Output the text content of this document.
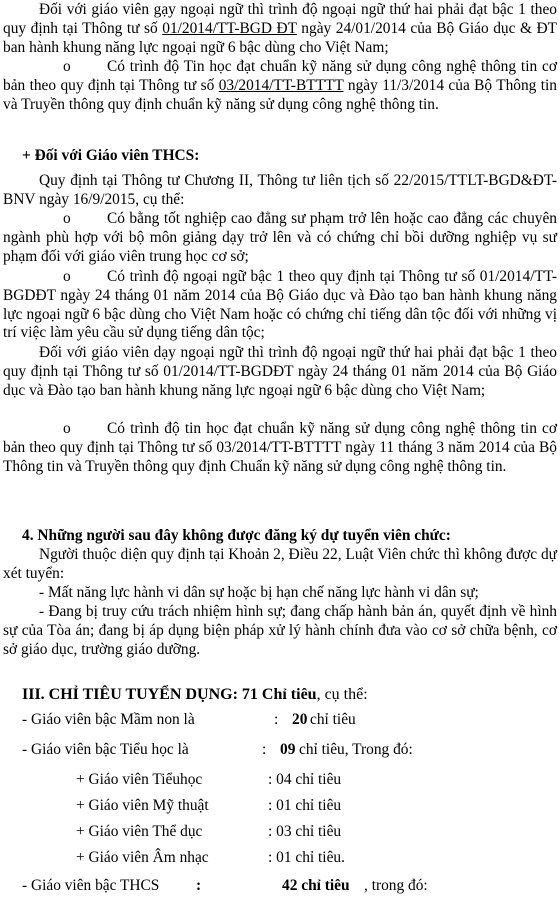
Đối với giáo viên gạy ngoại ngữ thì trình độ ngoại ngữ thứ hai phải đạt bậc 1 theo quy định tại Thông tư số 01/2014/TT-BGD ĐT ngày 24/01/2014 của Bộ Giáo dục & ĐT ban hành khung năng lực ngoại ngữ 6 bậc dùng cho Việt Nam;
o Có trình độ Tin học đạt chuẩn kỹ năng sử dụng công nghệ thông tin cơ bản theo quy định tại Thông tư số 03/2014/TT-BTTTT ngày 11/3/2014 của Bộ Thông tin và Truyền thông quy định chuẩn kỹ năng sử dụng công nghệ thông tin.
+ Đối với Giáo viên THCS:
Quy định tại Thông tư Chương II, Thông tư liên tịch số 22/2015/TTLT-BGD&ĐT-BNV ngày 16/9/2015, cụ thể:
o Có bằng tốt nghiệp cao đẳng sư phạm trở lên hoặc cao đẳng các chuyên ngành phù hợp với bộ môn giảng dạy trở lên và có chứng chỉ bồi dưỡng nghiệp vụ sư phạm đối với giáo viên trung học cơ sở;
o Có trình độ ngoại ngữ bậc 1 theo quy định tại Thông tư số 01/2014/TT-BGDĐT ngày 24 tháng 01 năm 2014 của Bộ Giáo dục và Đào tạo ban hành khung năng lực ngoại ngữ 6 bậc dùng cho Việt Nam hoặc có chứng chỉ tiếng dân tộc đối với những vị trí việc làm yêu cầu sử dụng tiếng dân tộc;
Đối với giáo viên dạy ngoại ngữ thì trình độ ngoại ngữ thứ hai phải đạt bậc 1 theo quy định tại Thông tư số 01/2014/TT-BGDĐT ngày 24 tháng 01 năm 2014 của Bộ Giáo dục và Đào tạo ban hành khung năng lực ngoại ngữ 6 bậc dùng cho Việt Nam;
o Có trình độ tin học đạt chuẩn kỹ năng sử dụng công nghệ thông tin cơ bản theo quy định tại Thông tư số 03/2014/TT-BTTTT ngày 11 tháng 3 năm 2014 của Bộ Thông tin và Truyền thông quy định Chuẩn kỹ năng sử dụng công nghệ thông tin.
4. Những người sau đây không được đăng ký dự tuyển viên chức:
Người thuộc diện quy định tại Khoản 2, Điều 22, Luật Viên chức thì không được dự xét tuyển:
- Mất năng lực hành vi dân sự hoặc bị hạn chế năng lực hành vi dân sự;
- Đang bị truy cứu trách nhiệm hình sự; đang chấp hành bản án, quyết định về hình sự của Tòa án; đang bị áp dụng biện pháp xử lý hành chính đưa vào cơ sở chữa bệnh, cơ sở giáo dục, trường giáo dưỡng.
III. CHỈ TIÊU TUYỂN DỤNG: 71 Chỉ tiêu, cụ thể:
- Giáo viên bậc Mầm non là	: 20 chỉ tiêu
- Giáo viên bậc Tiểu học là	: 09 chỉ tiêu, Trong đó:
+ Giáo viên Tiểuhọc	: 04 chỉ tiêu
+ Giáo viên Mỹ thuật	: 01 chỉ tiêu
+ Giáo viên Thể dục	: 03 chỉ tiêu
+ Giáo viên Âm nhạc	: 01 chỉ tiêu.
- Giáo viên bậc THCS :	42 chỉ tiêu , trong đó:
